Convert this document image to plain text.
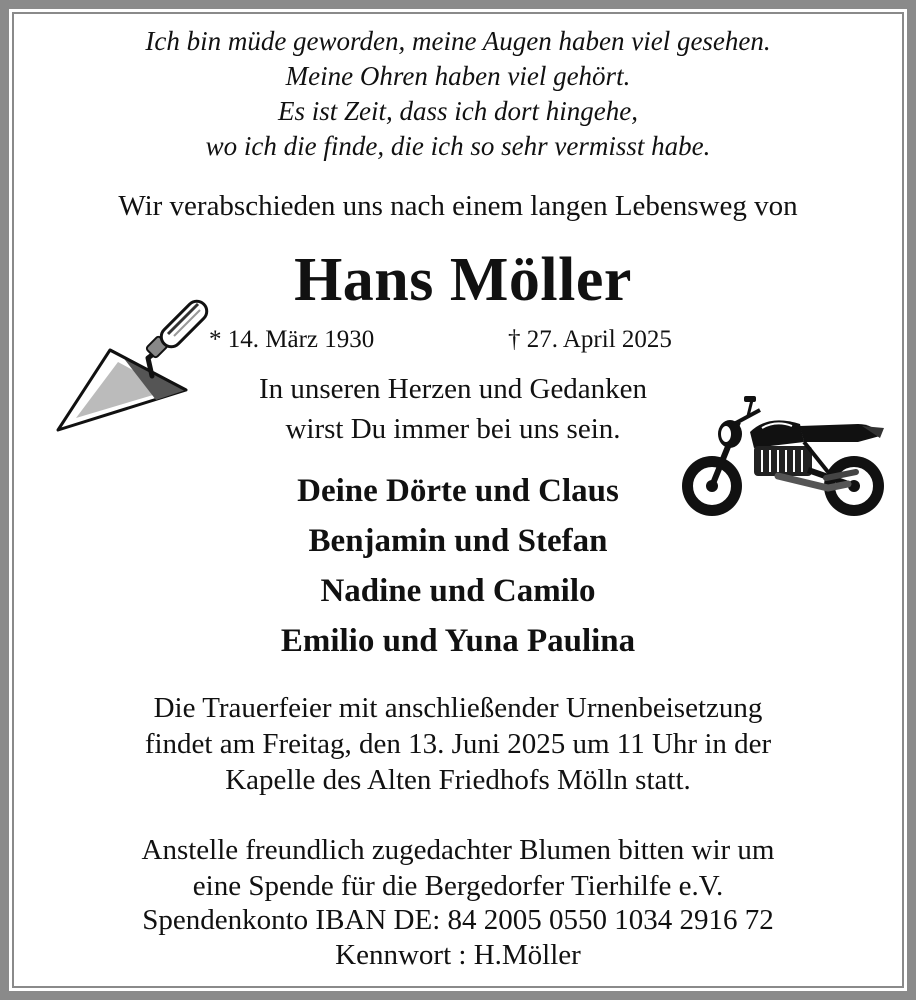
Ich bin müde geworden, meine Augen haben viel gesehen.
Meine Ohren haben viel gehört.
Es ist Zeit, dass ich dort hingehe,
wo ich die finde, die ich so sehr vermisst habe.
Wir verabschieden uns nach einem langen Lebensweg von
Hans Möller
* 14. März 1930	† 27. April 2025
In unseren Herzen und Gedanken
wirst Du immer bei uns sein.
Deine Dörte und Claus
Benjamin und Stefan
Nadine und Camilo
Emilio und Yuna Paulina
Die Trauerfeier mit anschließender Urnenbeisetzung
findet am Freitag, den 13. Juni 2025 um 11 Uhr in der
Kapelle des Alten Friedhofs Mölln statt.
Anstelle freundlich zugedachter Blumen bitten wir um
eine Spende für die Bergedorfer Tierhilfe e.V.
Spendenkonto IBAN DE: 84 2005 0550 1034 2916 72
Kennwort : H.Möller
